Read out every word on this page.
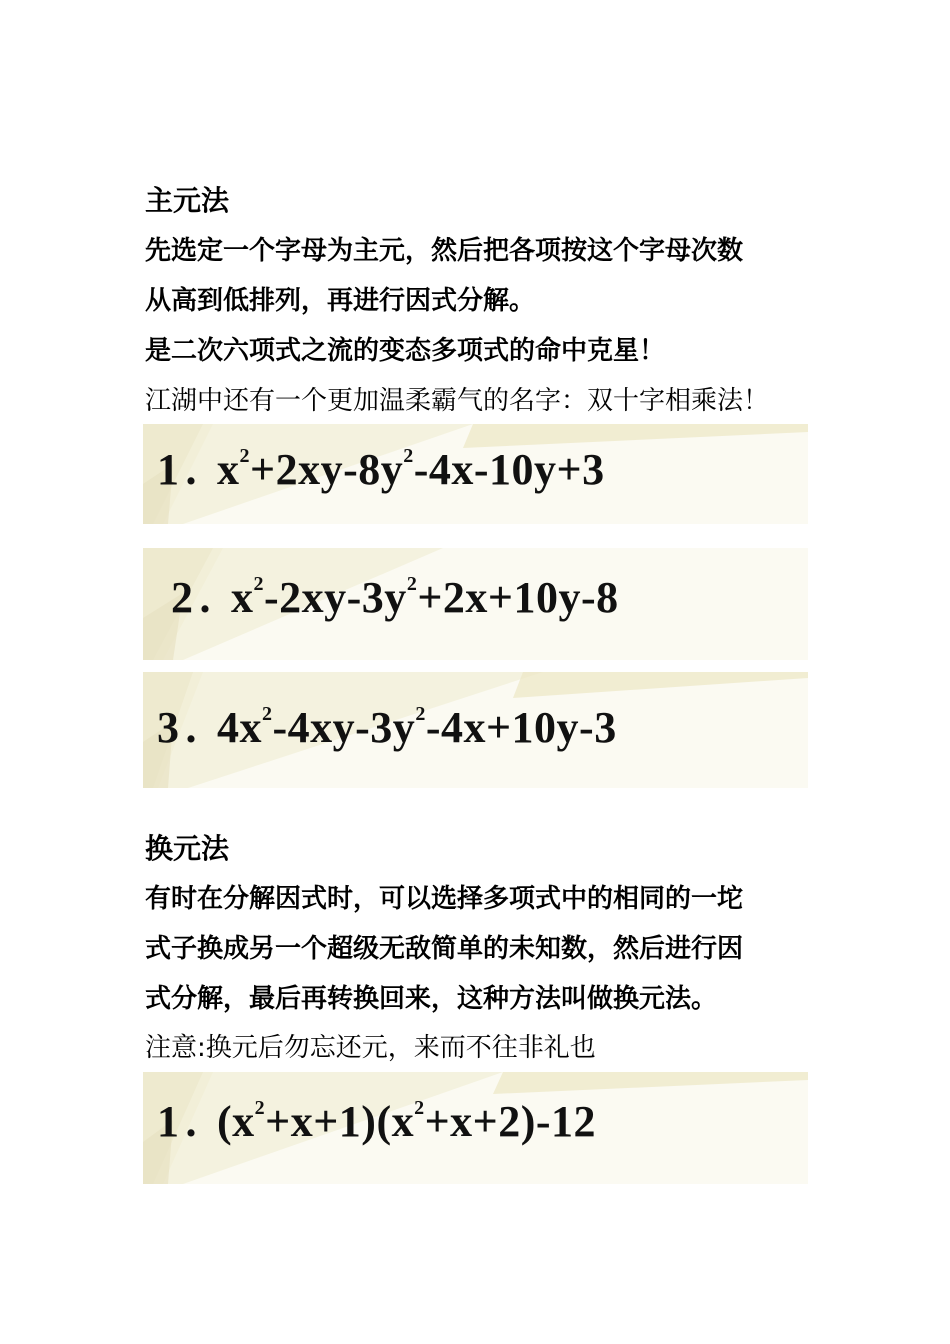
主元法
先选定一个字母为主元，然后把各项按这个字母次数
从高到低排列，再进行因式分解。
是二次六项式之流的变态多项式的命中克星！
江湖中还有一个更加温柔霸气的名字：双十字相乘法！
1 . $x^2+2xy-8y^2-4x-10y+3$
2 . $x^2-2xy-3y^2+2x+10y-8$
3 . $4x^2-4xy-3y^2-4x+10y-3$
换元法
有时在分解因式时，可以选择多项式中的相同的一坨
式子换成另一个超级无敌简单的未知数，然后进行因
式分解，最后再转换回来，这种方法叫做换元法。
注意:换元后勿忘还元，来而不往非礼也
1 . $(x^2+x+1)(x^2+x+2)-12$
